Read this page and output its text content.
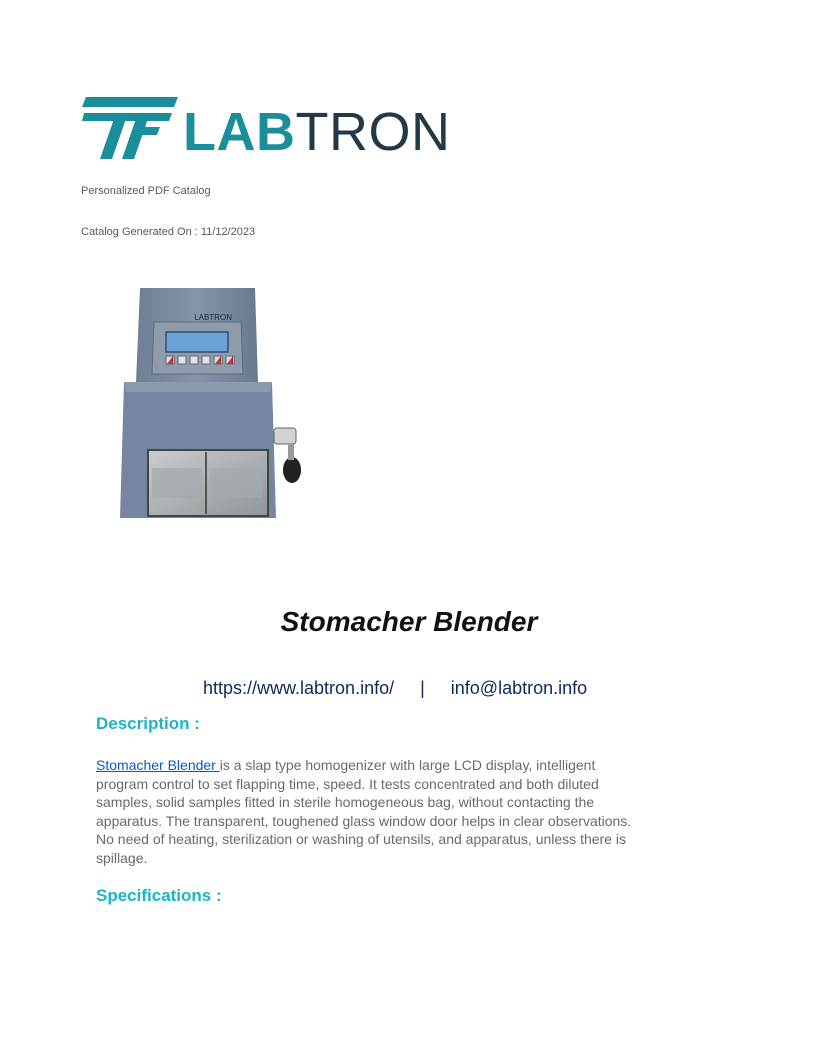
LABTRON
Personalized PDF Catalog
Catalog Generated On : 11/12/2023
LABTRON
Stomacher Blender
https://www.labtron.info/ | info@labtron.info
Description :
Stomacher Blender is a slap type homogenizer with large LCD display, intelligent program control to set flapping time, speed. It tests concentrated and both diluted samples, solid samples fitted in sterile homogeneous bag, without contacting the apparatus. The transparent, toughened glass window door helps in clear observations. No need of heating, sterilization or washing of utensils, and apparatus, unless there is spillage.
Specifications :
